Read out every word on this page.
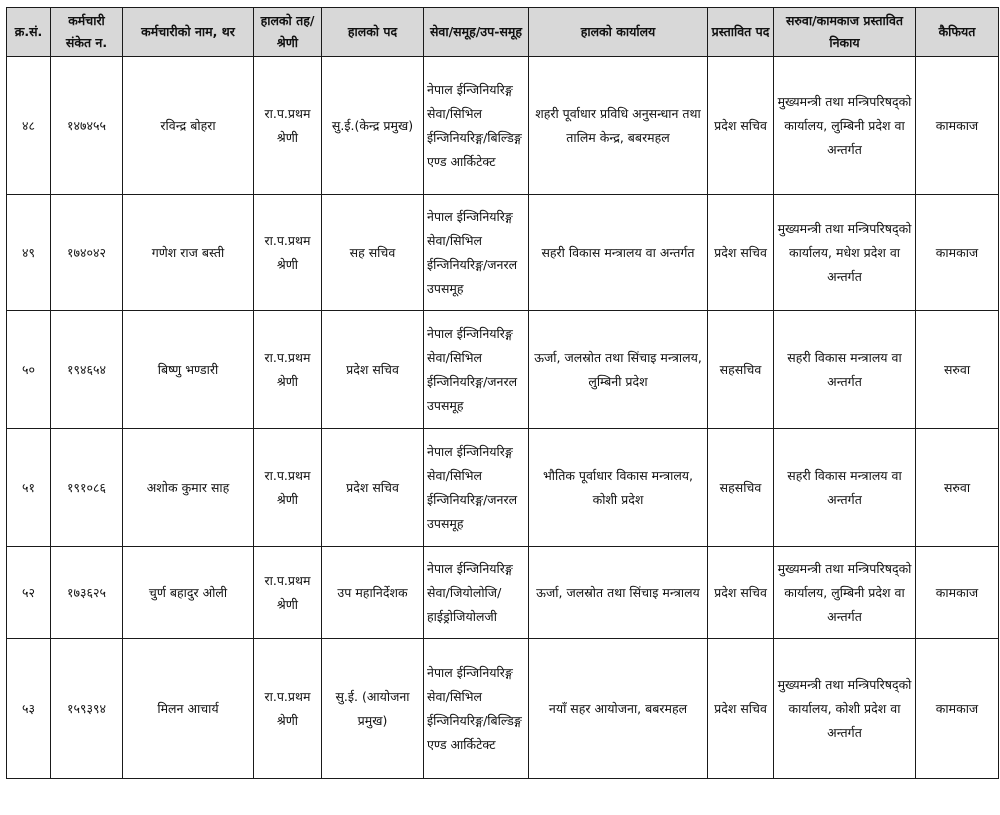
क्र.सं.	कर्मचारी संकेत न.	कर्मचारीको नाम, थर	हालको तह/श्रेणी	हालको पद	सेवा/समूह/उप-समूह	हालको कार्यालय	प्रस्तावित पद	सरुवा/कामकाज प्रस्तावित निकाय	कैफियत
४८	१४७४५५	रविन्द्र बोहरा	रा.प.प्रथम श्रेणी	सु.ई.(केन्द्र प्रमुख)	नेपाल ईन्जिनियरिङ्ग सेवा/सिभिल ईन्जिनियरिङ्ग/बिल्डिङ्ग एण्ड आर्किटेक्ट	शहरी पूर्वाधार प्रविधि अनुसन्धान तथा तालिम केन्द्र, बबरमहल	प्रदेश सचिव	मुख्यमन्त्री तथा मन्त्रिपरिषद्को कार्यालय, लुम्बिनी प्रदेश वा अन्तर्गत	कामकाज
४९	१७४०४२	गणेश राज बस्ती	रा.प.प्रथम श्रेणी	सह सचिव	नेपाल ईन्जिनियरिङ्ग सेवा/सिभिल ईन्जिनियरिङ्ग/जनरल उपसमूह	सहरी विकास मन्त्रालय वा अन्तर्गत	प्रदेश सचिव	मुख्यमन्त्री तथा मन्त्रिपरिषद्को कार्यालय, मधेश प्रदेश वा अन्तर्गत	कामकाज
५०	१९४६५४	बिष्णु भण्डारी	रा.प.प्रथम श्रेणी	प्रदेश सचिव	नेपाल ईन्जिनियरिङ्ग सेवा/सिभिल ईन्जिनियरिङ्ग/जनरल उपसमूह	ऊर्जा, जलस्रोत तथा सिंचाइ मन्त्रालय, लुम्बिनी प्रदेश	सहसचिव	सहरी विकास मन्त्रालय वा अन्तर्गत	सरुवा
५१	१९१०८६	अशोक कुमार साह	रा.प.प्रथम श्रेणी	प्रदेश सचिव	नेपाल ईन्जिनियरिङ्ग सेवा/सिभिल ईन्जिनियरिङ्ग/जनरल उपसमूह	भौतिक पूर्वाधार विकास मन्त्रालय, कोशी प्रदेश	सहसचिव	सहरी विकास मन्त्रालय वा अन्तर्गत	सरुवा
५२	१७३६२५	चुर्ण बहादुर ओली	रा.प.प्रथम श्रेणी	उप महानिर्देशक	नेपाल ईन्जिनियरिङ्ग सेवा/जियोलोजि/हाईड्रोजियोलजी	ऊर्जा, जलस्रोत तथा सिंचाइ मन्त्रालय	प्रदेश सचिव	मुख्यमन्त्री तथा मन्त्रिपरिषद्को कार्यालय, लुम्बिनी प्रदेश वा अन्तर्गत	कामकाज
५३	१५९३९४	मिलन आचार्य	रा.प.प्रथम श्रेणी	सु.ई. (आयोजना प्रमुख)	नेपाल ईन्जिनियरिङ्ग सेवा/सिभिल ईन्जिनियरिङ्ग/बिल्डिङ्ग एण्ड आर्किटेक्ट	नयाँ सहर आयोजना, बबरमहल	प्रदेश सचिव	मुख्यमन्त्री तथा मन्त्रिपरिषद्को कार्यालय, कोशी प्रदेश वा अन्तर्गत	कामकाज
